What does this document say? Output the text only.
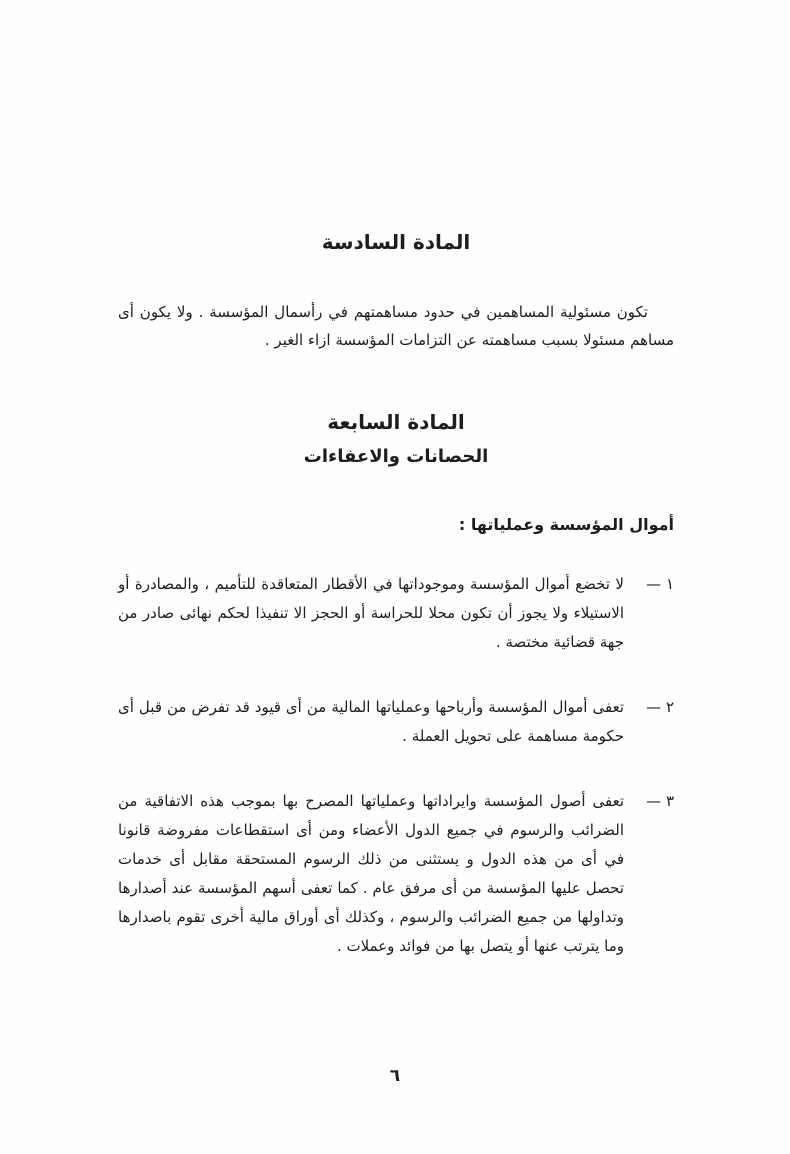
المادة السادسة

تكون مسئولية المساهمين في حدود مساهمتهم في رأسمال المؤسسة . ولا يكون أى مساهم مسئولا بسبب مساهمته عن التزامات المؤسسة ازاء الغير .

المادة السابعة
الحصانات والاعفاءات
أموال المؤسسة وعملياتها :
١ —
لا تخضع أموال المؤسسة وموجوداتها في الأقطار المتعاقدة للتأميم ، والمصادرة أو الاستيلاء ولا يجوز أن تكون محلا للحراسة أو الحجز الا تنفيذا لحكم نهائى صادر من جهة قضائية مختصة .
٢ —
تعفى أموال المؤسسة وأرباحها وعملياتها المالية من أى قيود قد تفرض من قبل أى حكومة مساهمة على تحويل العملة .
٣ —
تعفى أصول المؤسسة وايراداتها وعملياتها المصرح بها بموجب هذه الاتفاقية من الضرائب والرسوم في جميع الدول الأعضاء ومن أى استقطاعات مفروضة قانونا في أى من هذه الدول و يستثنى من ذلك الرسوم المستحقة مقابل أى خدمات تحصل عليها المؤسسة من أى مرفق عام . كما تعفى أسهم المؤسسة عند أصدارها وتداولها من جميع الضرائب والرسوم ، وكذلك أى أوراق مالية أخرى تقوم باصدارها وما يترتب عنها أو يتصل بها من فوائد وعملات .
٦
